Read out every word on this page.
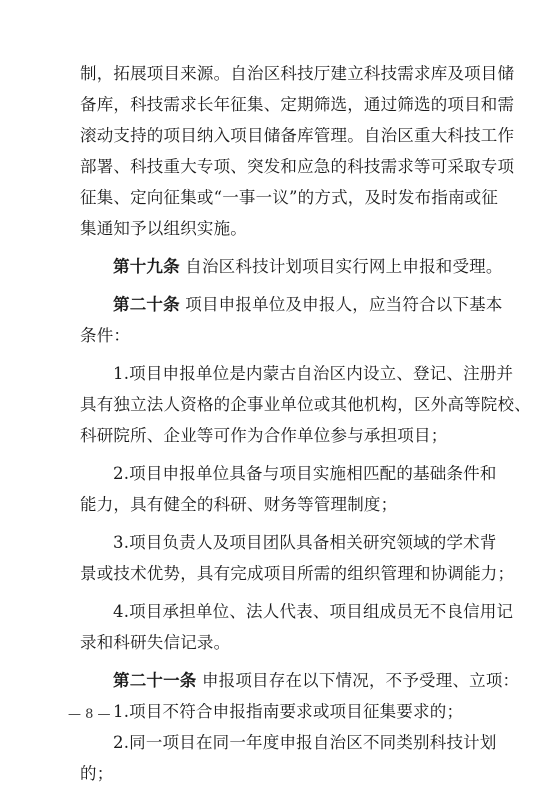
制，拓展项目来源。自治区科技厅建立科技需求库及项目储
备库，科技需求长年征集、定期筛选，通过筛选的项目和需
滚动支持的项目纳入项目储备库管理。自治区重大科技工作
部署、科技重大专项、突发和应急的科技需求等可采取专项
征集、定向征集或“一事一议”的方式，及时发布指南或征
集通知予以组织实施。
第十九条 自治区科技计划项目实行网上申报和受理。
第二十条 项目申报单位及申报人，应当符合以下基本
条件：
1.项目申报单位是内蒙古自治区内设立、登记、注册并
具有独立法人资格的企事业单位或其他机构，区外高等院校、
科研院所、企业等可作为合作单位参与承担项目；
2.项目申报单位具备与项目实施相匹配的基础条件和
能力，具有健全的科研、财务等管理制度；
3.项目负责人及项目团队具备相关研究领域的学术背
景或技术优势，具有完成项目所需的组织管理和协调能力；
4.项目承担单位、法人代表、项目组成员无不良信用记
录和科研失信记录。
第二十一条 申报项目存在以下情况，不予受理、立项：
1.项目不符合申报指南要求或项目征集要求的；
2.同一项目在同一年度申报自治区不同类别科技计划
的；
— 8 —
